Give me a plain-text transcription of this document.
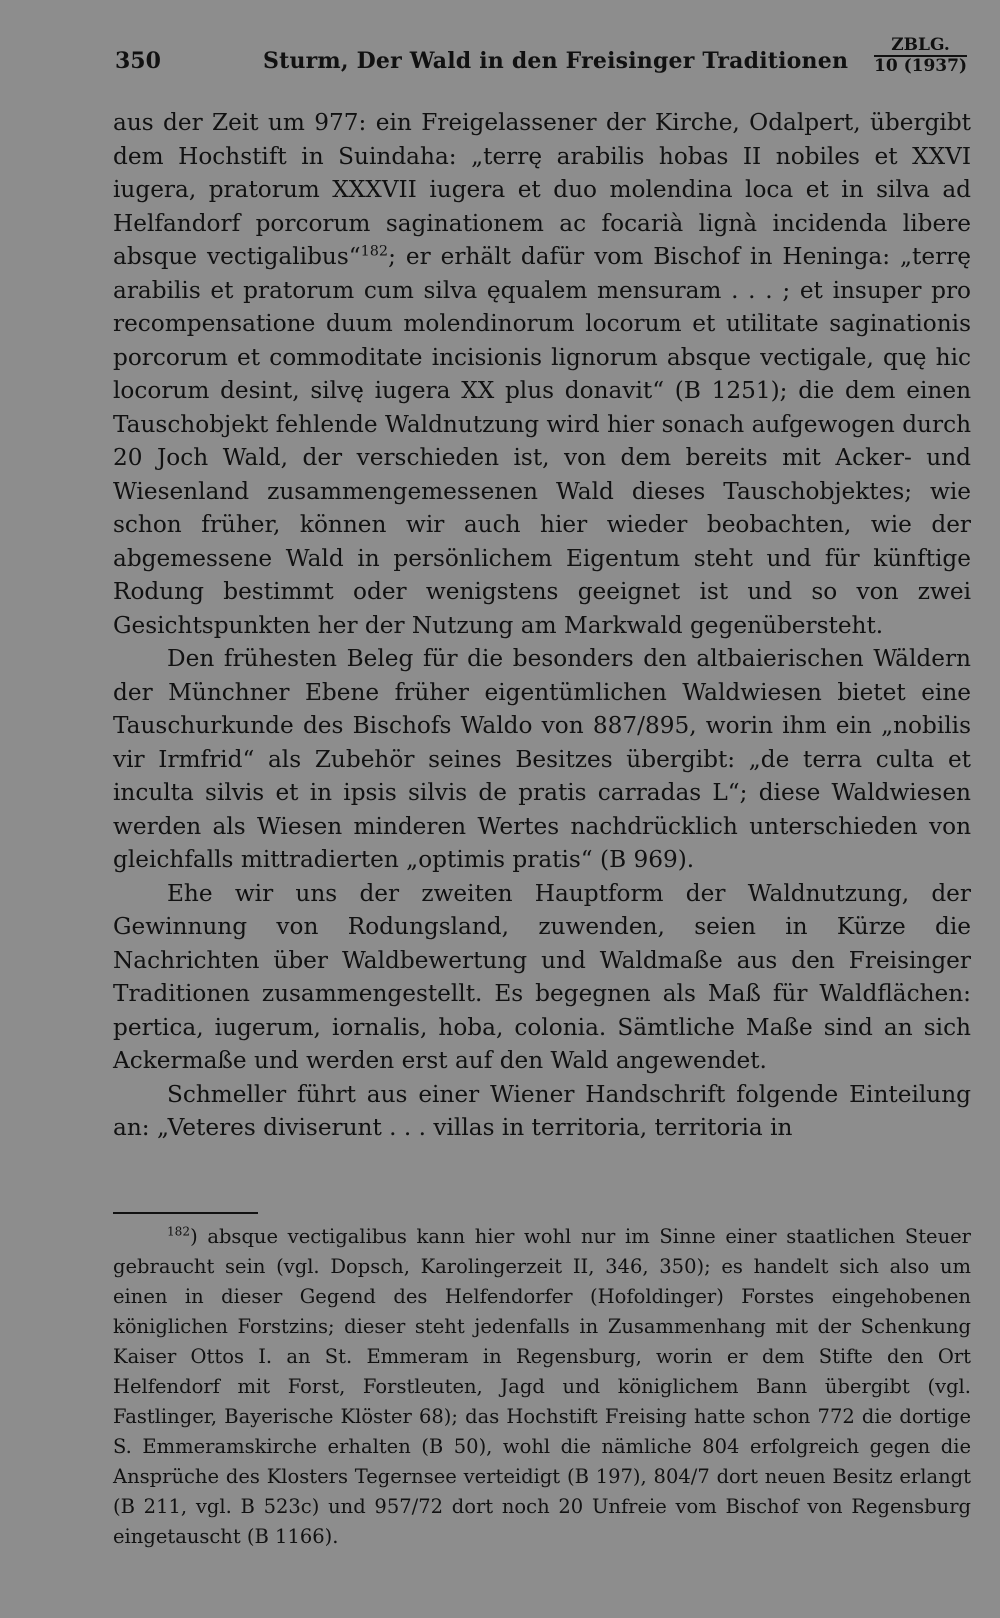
350	Sturm, Der Wald in den Freisinger Traditionen
ZBLG.
10 (1937)

aus der Zeit um 977: ein Freigelassener der Kirche, Odalpert, übergibt dem Hochstift in Suindaha: „terrę arabilis hobas II nobiles et XXVI iugera, pratorum XXXVII iugera et duo molendina loca et in silva ad Helfandorf porcorum saginationem ac focarià lignà incidenda libere absque vectigalibus“$^{182}$; er erhält dafür vom Bischof in Heninga: „terrę arabilis et pratorum cum silva ęqualem mensuram . . . ; et insuper pro recompensatione duum molendinorum locorum et utilitate saginationis porcorum et commoditate incisionis lignorum absque vectigale, quę hic locorum desint, silvę iugera XX plus donavit“ (B 1251); die dem einen Tauschobjekt fehlende Waldnutzung wird hier sonach aufgewogen durch 20 Joch Wald, der verschieden ist, von dem bereits mit Acker- und Wiesenland zusammengemessenen Wald dieses Tauschobjektes; wie schon früher, können wir auch hier wieder beobachten, wie der abgemessene Wald in persönlichem Eigentum steht und für künftige Rodung bestimmt oder wenigstens geeignet ist und so von zwei Gesichtspunkten her der Nutzung am Markwald gegenübersteht.

Den frühesten Beleg für die besonders den altbaierischen Wäldern der Münchner Ebene früher eigentümlichen Waldwiesen bietet eine Tauschurkunde des Bischofs Waldo von 887/895, worin ihm ein „nobilis vir Irmfrid“ als Zubehör seines Besitzes übergibt: „de terra culta et inculta silvis et in ipsis silvis de pratis carradas L“; diese Waldwiesen werden als Wiesen minderen Wertes nachdrücklich unterschieden von gleichfalls mittradierten „optimis pratis“ (B 969).

Ehe wir uns der zweiten Hauptform der Waldnutzung, der Gewinnung von Rodungsland, zuwenden, seien in Kürze die Nachrichten über Waldbewertung und Waldmaße aus den Freisinger Traditionen zusammengestellt. Es begegnen als Maß für Waldflächen: pertica, iugerum, iornalis, hoba, colonia. Sämtliche Maße sind an sich Ackermaße und werden erst auf den Wald angewendet.

Schmeller führt aus einer Wiener Handschrift folgende Einteilung an: „Veteres diviserunt . . . villas in territoria, territoria in

$^{182}$) absque vectigalibus kann hier wohl nur im Sinne einer staatlichen Steuer gebraucht sein (vgl. Dopsch, Karolingerzeit II, 346, 350); es handelt sich also um einen in dieser Gegend des Helfendorfer (Hofoldinger) Forstes eingehobenen königlichen Forstzins; dieser steht jedenfalls in Zusammenhang mit der Schenkung Kaiser Ottos I. an St. Emmeram in Regensburg, worin er dem Stifte den Ort Helfendorf mit Forst, Forstleuten, Jagd und königlichem Bann übergibt (vgl. Fastlinger, Bayerische Klöster 68); das Hochstift Freising hatte schon 772 die dortige S. Emmeramskirche erhalten (B 50), wohl die nämliche 804 erfolgreich gegen die Ansprüche des Klosters Tegernsee verteidigt (B 197), 804/7 dort neuen Besitz erlangt (B 211, vgl. B 523c) und 957/72 dort noch 20 Unfreie vom Bischof von Regensburg eingetauscht (B 1166).
